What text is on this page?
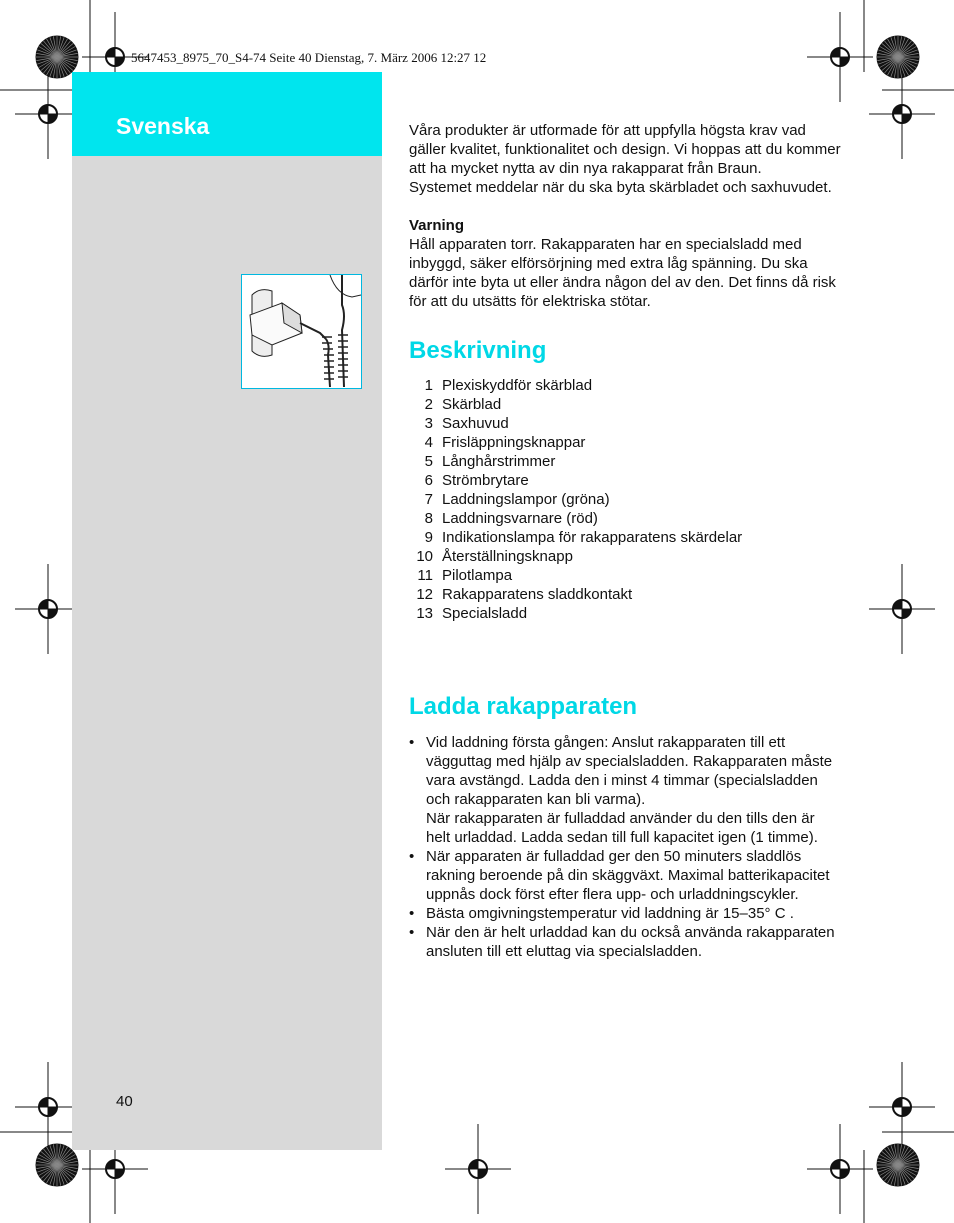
Svenska
5647453_8975_70_S4-74 Seite 40 Dienstag, 7. März 2006 12:27 12

Våra produkter är utformade för att uppfylla högsta krav vad gäller kvalitet, funktionalitet och design. Vi hoppas att du kommer att ha mycket nytta av din nya rakapparat från Braun.

Systemet meddelar när du ska byta skärbladet och saxhuvudet.

Varning

Håll apparaten torr. Rakapparaten har en specialsladd med inbyggd, säker elförsörjning med extra låg spänning. Du ska därför inte byta ut eller ändra någon del av den. Det finns då risk för att du utsätts för elektriska stötar.

Beskrivning
1 Plexiskyddför skärblad
2 Skärblad
3 Saxhuvud
4 Frisläppningsknappar
5 Långhårstrimmer
6 Strömbrytare
7 Laddningslampor (gröna)
8 Laddningsvarnare (röd)
9 Indikationslampa för rakapparatens skärdelar
10 Återställningsknapp
11 Pilotlampa
12 Rakapparatens sladdkontakt
13 Specialsladd
Ladda rakapparaten
• Vid laddning första gången: Anslut rakapparaten till ett vägguttag med hjälp av specialsladden. Rakapparaten måste vara avstängd. Ladda den i minst 4 timmar (specialsladden och rakapparaten kan bli varma).
När rakapparaten är fulladdad använder du den tills den är helt urladdad. Ladda sedan till full kapacitet igen (1 timme).
• När apparaten är fulladdad ger den 50 minuters sladdlös rakning beroende på din skäggväxt. Maximal batterikapacitet uppnås dock först efter flera upp- och urladdningscykler.
• Bästa omgivningstemperatur vid laddning är 15–35° C .
• När den är helt urladdad kan du också använda rakapparaten ansluten till ett eluttag via specialsladden.
40
